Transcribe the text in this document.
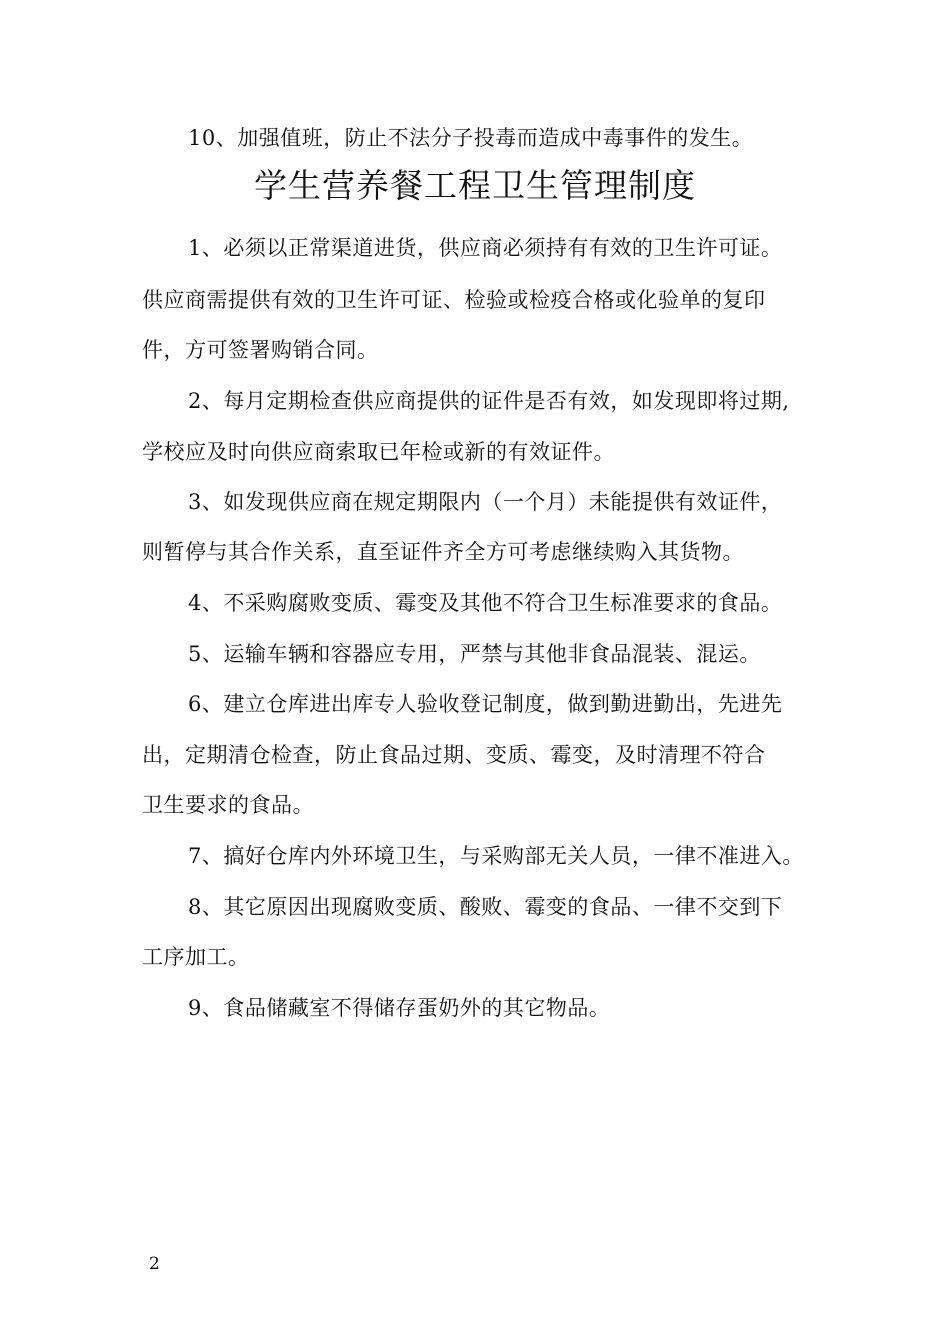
10、加强值班，防止不法分子投毒而造成中毒事件的发生。
学生营养餐工程卫生管理制度
1、必须以正常渠道进货，供应商必须持有有效的卫生许可证。
供应商需提供有效的卫生许可证、检验或检疫合格或化验单的复印
件，方可签署购销合同。
2、每月定期检查供应商提供的证件是否有效，如发现即将过期,
学校应及时向供应商索取已年检或新的有效证件。
3、如发现供应商在规定期限内（一个月）未能提供有效证件，
则暂停与其合作关系，直至证件齐全方可考虑继续购入其货物。
4、不采购腐败变质、霉变及其他不符合卫生标准要求的食品。
5、运输车辆和容器应专用，严禁与其他非食品混装、混运。
6、建立仓库进出库专人验收登记制度，做到勤进勤出，先进先
出，定期清仓检查，防止食品过期、变质、霉变，及时清理不符合
卫生要求的食品。
7、搞好仓库内外环境卫生，与采购部无关人员，一律不准进入。
8、其它原因出现腐败变质、酸败、霉变的食品、一律不交到下
工序加工。
9、食品储藏室不得储存蛋奶外的其它物品。
2
